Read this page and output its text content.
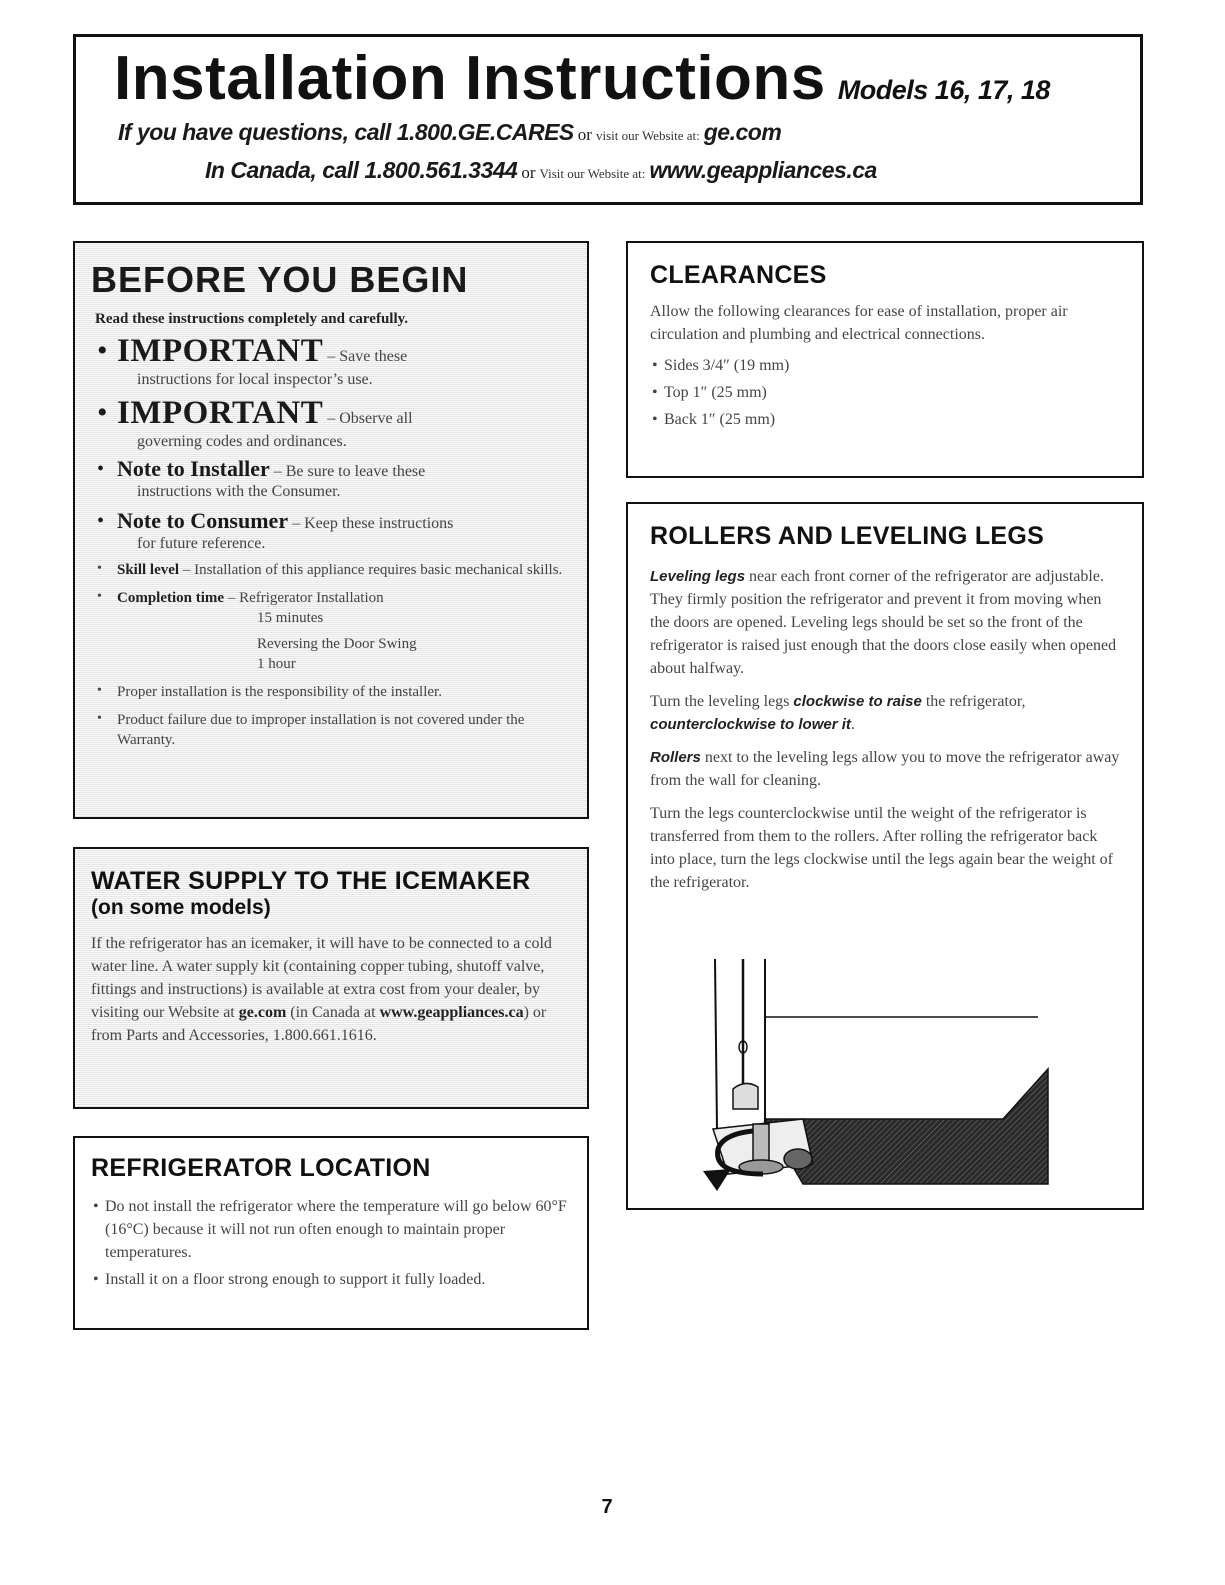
Installation Instructions Models 16, 17, 18
If you have questions, call 1.800.GE.CARES or visit our Website at: ge.com
In Canada, call 1.800.561.3344 or Visit our Website at: www.geappliances.ca
BEFORE YOU BEGIN
Read these instructions completely and carefully.
• IMPORTANT – Save these
instructions for local inspector’s use.
• IMPORTANT – Observe all
governing codes and ordinances.
• Note to Installer – Be sure to leave these
instructions with the Consumer.
• Note to Consumer – Keep these instructions
for future reference.
• Skill level – Installation of this appliance requires basic mechanical skills.
• Completion time – Refrigerator Installation
15 minutes
Reversing the Door Swing
1 hour
• Proper installation is the responsibility of the installer.
• Product failure due to improper installation is not covered under the Warranty.
WATER SUPPLY TO THE ICEMAKER
(on some models)

If the refrigerator has an icemaker, it will have to be connected to a cold water line. A water supply kit (containing copper tubing, shutoff valve, fittings and instructions) is available at extra cost from your dealer, by visiting our Website at ge.com (in Canada at www.geappliances.ca) or from Parts and Accessories, 1.800.661.1616.

REFRIGERATOR LOCATION
• Do not install the refrigerator where the temperature will go below 60°F (16°C) because it will not run often enough to maintain proper temperatures.
• Install it on a floor strong enough to support it fully loaded.
CLEARANCES
Allow the following clearances for ease of installation, proper air circulation and plumbing and electrical connections.
• Sides 3/4″ (19 mm)
• Top 1″ (25 mm)
• Back 1″ (25 mm)
ROLLERS AND LEVELING LEGS

Leveling legs near each front corner of the refrigerator are adjustable. They firmly position the refrigerator and prevent it from moving when the doors are opened. Leveling legs should be set so the front of the refrigerator is raised just enough that the doors close easily when opened about halfway.

Turn the leveling legs clockwise to raise the refrigerator, counterclockwise to lower it.

Rollers next to the leveling legs allow you to move the refrigerator away from the wall for cleaning.

Turn the legs counterclockwise until the weight of the refrigerator is transferred from them to the rollers. After rolling the refrigerator back into place, turn the legs clockwise until the legs again bear the weight of the refrigerator.

7
